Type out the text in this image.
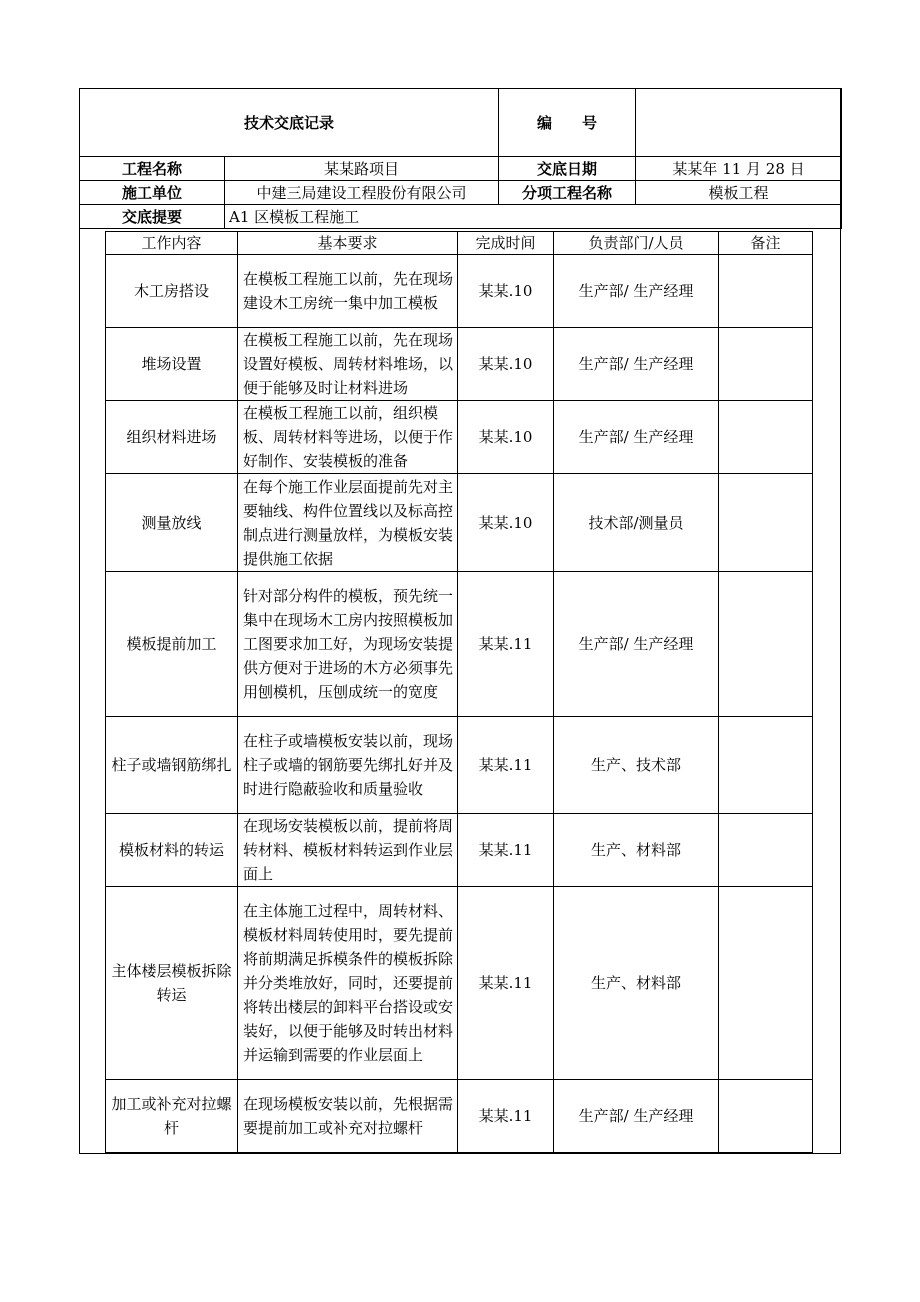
技术交底记录		编　　号	
工程名称	某某路项目	交底日期	某某年 11 月 28 日
施工单位	中建三局建设工程股份有限公司	分项工程名称	模板工程
交底提要	A1 区模板工程施工		
工作内容	基本要求	完成时间	负责部门/人员	备注
木工房搭设	在模板工程施工以前，先在现场建设木工房统一集中加工模板	某某.10	生产部/ 生产经理	
堆场设置	在模板工程施工以前，先在现场设置好模板、周转材料堆场，以便于能够及时让材料进场	某某.10	生产部/ 生产经理	
组织材料进场	在模板工程施工以前，组织模板、周转材料等进场，以便于作好制作、安装模板的准备	某某.10	生产部/ 生产经理	
测量放线	在每个施工作业层面提前先对主要轴线、构件位置线以及标高控制点进行测量放样，为模板安装提供施工依据	某某.10	技术部/测量员	
模板提前加工	针对部分构件的模板，预先统一集中在现场木工房内按照模板加工图要求加工好，为现场安装提供方便对于进场的木方必须事先用刨模机，压刨成统一的宽度	某某.11	生产部/ 生产经理	
柱子或墙钢筋绑扎	在柱子或墙模板安装以前，现场柱子或墙的钢筋要先绑扎好并及时进行隐蔽验收和质量验收	某某.11	生产、技术部	
模板材料的转运	在现场安装模板以前，提前将周转材料、模板材料转运到作业层面上	某某.11	生产、材料部	
主体楼层模板拆除转运	在主体施工过程中，周转材料、模板材料周转使用时，要先提前将前期满足拆模条件的模板拆除并分类堆放好，同时，还要提前将转出楼层的卸料平台搭设或安装好，以便于能够及时转出材料并运输到需要的作业层面上	某某.11	生产、材料部	
加工或补充对拉螺杆	在现场模板安装以前，先根据需要提前加工或补充对拉螺杆	某某.11	生产部/ 生产经理	
